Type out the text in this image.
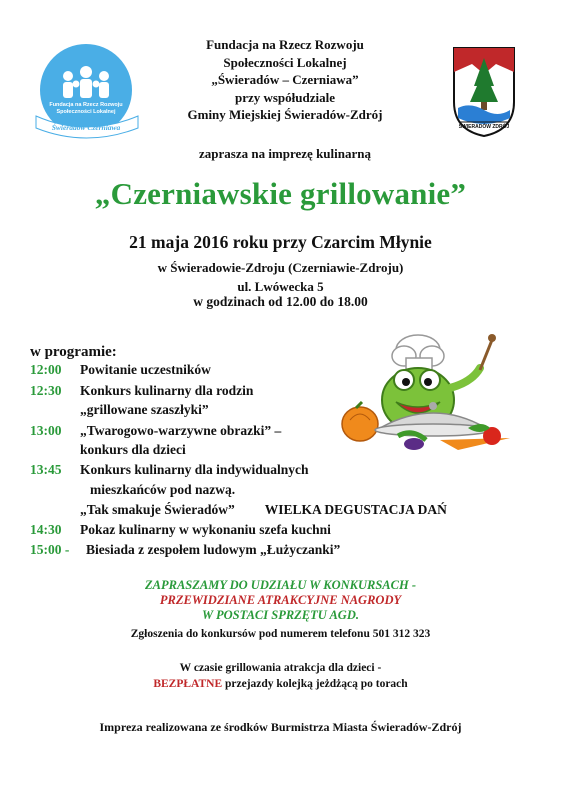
Fundacja na Rzecz Rozwoju
Społeczności Lokalnej
Świeradów Czerniawa	ŚWIERADÓW ZDRÓJ
Fundacja na Rzecz Rozwoju
Społeczności Lokalnej
„Świeradów – Czerniawa”
przy współudziale
Gminy Miejskiej Świeradów-Zdrój
zaprasza na imprezę kulinarną
„Czerniawskie grillowanie”
21 maja 2016 roku przy Czarcim Młynie
w Świeradowie-Zdroju (Czerniawie-Zdroju)
ul. Lwówecka 5
w godzinach od 12.00 do 18.00
w programie:
12:00 Powitanie uczestników
12:30 Konkurs kulinarny dla rodzin
„grillowane szaszłyki”
13:00 „Twarogowo-warzywne obrazki” –
konkurs dla dzieci
13:45 Konkurs kulinarny dla indywidualnych
mieszkańców pod nazwą.
„Tak smakuje Świeradów” WIELKA DEGUSTACJA DAŃ
14:30 Pokaz kulinarny w wykonaniu szefa kuchni
15:00 - Biesiada z zespołem ludowym „Łużyczanki”
ZAPRASZAMY DO UDZIAŁU W KONKURSACH -
PRZEWIDZIANE ATRAKCYJNE NAGRODY
W POSTACI SPRZĘTU AGD.
Zgłoszenia do konkursów pod numerem telefonu 501 312 323
W czasie grillowania atrakcja dla dzieci -
BEZPŁATNE przejazdy kolejką jeżdżącą po torach
Impreza realizowana ze środków Burmistrza Miasta Świeradów-Zdrój
